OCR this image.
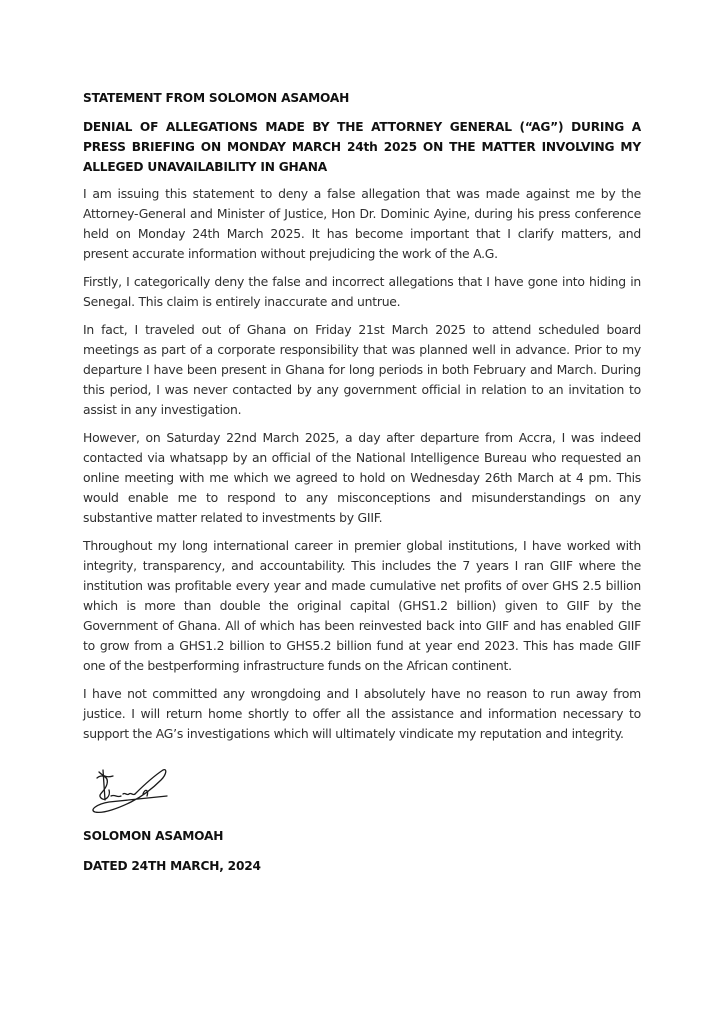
STATEMENT FROM SOLOMON ASAMOAH
DENIAL OF ALLEGATIONS MADE BY THE ATTORNEY GENERAL (“AG”) DURING A PRESS BRIEFING ON MONDAY MARCH 24th 2025 ON THE MATTER INVOLVING MY ALLEGED UNAVAILABILITY IN GHANA

I am issuing this statement to deny a false allegation that was made against me by the Attorney-General and Minister of Justice, Hon Dr. Dominic Ayine, during his press conference held on Monday 24th March 2025. It has become important that I clarify matters, and present accurate information without prejudicing the work of the A.G.

Firstly, I categorically deny the false and incorrect allegations that I have gone into hiding in Senegal. This claim is entirely inaccurate and untrue.

In fact, I traveled out of Ghana on Friday 21st March 2025 to attend scheduled board meetings as part of a corporate responsibility that was planned well in advance. Prior to my departure I have been present in Ghana for long periods in both February and March. During this period, I was never contacted by any government official in relation to an invitation to assist in any investigation.

However, on Saturday 22nd March 2025, a day after departure from Accra, I was indeed contacted via whatsapp by an official of the National Intelligence Bureau who requested an online meeting with me which we agreed to hold on Wednesday 26th March at 4 pm. This would enable me to respond to any misconceptions and misunderstandings on any substantive matter related to investments by GIIF.

Throughout my long international career in premier global institutions, I have worked with integrity, transparency, and accountability. This includes the 7 years I ran GIIF where the institution was profitable every year and made cumulative net profits of over GHS 2.5 billion which is more than double the original capital (GHS1.2 billion) given to GIIF by the Government of Ghana. All of which has been reinvested back into GIIF and has enabled GIIF to grow from a GHS1.2 billion to GHS5.2 billion fund at year end 2023. This has made GIIF one of the bestperforming infrastructure funds on the African continent.

I have not committed any wrongdoing and I absolutely have no reason to run away from justice. I will return home shortly to offer all the assistance and information necessary to support the AG’s investigations which will ultimately vindicate my reputation and integrity.

SOLOMON ASAMOAH

DATED 24TH MARCH, 2024
